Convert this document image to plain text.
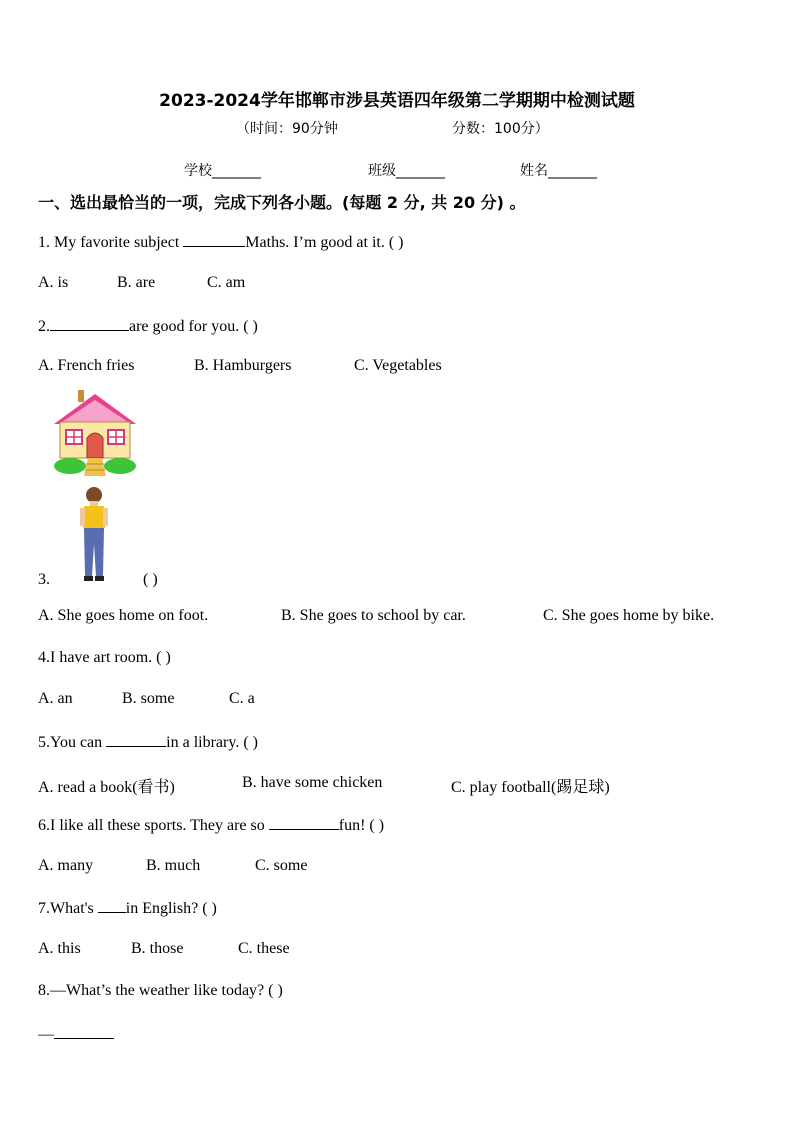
2023-2024学年邯郸市涉县英语四年级第二学期期中检测试题
（时间：90分钟	分数：100分）
学校_______	班级_______	姓名_______
一、选出最恰当的一项，完成下列各小题。(每题 2 分, 共 20 分) 。
1. My favorite subject	Maths. I’m good at it. ( )
A. is	B. are	C. am
2.	are good for you. ( )
A. French fries	B. Hamburgers	C. Vegetables
3.	( )
A. She goes home on foot.	B. She goes to school by car.	C. She goes home by bike.
4.I have art room. ( )
A. an	B. some	C. a
5.You can	in a library. ( )
A. read a book(看书)	B. have some chicken	C. play football(踢足球)
6.I like all these sports. They are so	fun! ( )
A. many	B. much	C. some
7.What's in English? ( )
A. this	B. those	C. these
8.—What’s the weather like today? ( )
—
